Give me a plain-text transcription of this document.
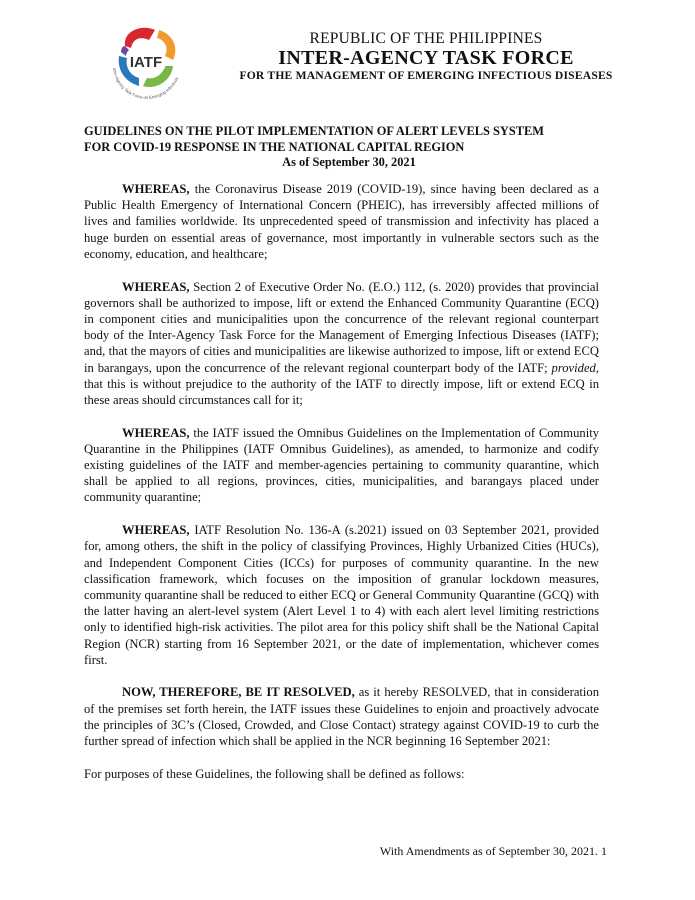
IATF
Inter-Agency Task Force on Emerging Infectious
REPUBLIC OF THE PHILIPPINES
INTER-AGENCY TASK FORCE
FOR THE MANAGEMENT OF EMERGING INFECTIOUS DISEASES
GUIDELINES ON THE PILOT IMPLEMENTATION OF ALERT LEVELS SYSTEM
FOR COVID-19 RESPONSE IN THE NATIONAL CAPITAL REGION

As of September 30, 2021

WHEREAS, the Coronavirus Disease 2019 (COVID-19), since having been declared as a Public Health Emergency of International Concern (PHEIC), has irreversibly affected millions of lives and families worldwide. Its unprecedented speed of transmission and infectivity has placed a huge burden on essential areas of governance, most importantly in vulnerable sectors such as the economy, education, and healthcare;

WHEREAS, Section 2 of Executive Order No. (E.O.) 112, (s. 2020) provides that provincial governors shall be authorized to impose, lift or extend the Enhanced Community Quarantine (ECQ) in component cities and municipalities upon the concurrence of the relevant regional counterpart body of the Inter-Agency Task Force for the Management of Emerging Infectious Diseases (IATF); and, that the mayors of cities and municipalities are likewise authorized to impose, lift or extend ECQ in barangays, upon the concurrence of the relevant regional counterpart body of the IATF; provided, that this is without prejudice to the authority of the IATF to directly impose, lift or extend ECQ in these areas should circumstances call for it;

WHEREAS, the IATF issued the Omnibus Guidelines on the Implementation of Community Quarantine in the Philippines (IATF Omnibus Guidelines), as amended, to harmonize and codify existing guidelines of the IATF and member-agencies pertaining to community quarantine, which shall be applied to all regions, provinces, cities, municipalities, and barangays placed under community quarantine;

WHEREAS, IATF Resolution No. 136-A (s.2021) issued on 03 September 2021, provided for, among others, the shift in the policy of classifying Provinces, Highly Urbanized Cities (HUCs), and Independent Component Cities (ICCs) for purposes of community quarantine. In the new classification framework, which focuses on the imposition of granular lockdown measures, community quarantine shall be reduced to either ECQ or General Community Quarantine (GCQ) with the latter having an alert-level system (Alert Level 1 to 4) with each alert level limiting restrictions only to identified high-risk activities. The pilot area for this policy shift shall be the National Capital Region (NCR) starting from 16 September 2021, or the date of implementation, whichever comes first.

NOW, THEREFORE, BE IT RESOLVED, as it hereby RESOLVED, that in consideration of the premises set forth herein, the IATF issues these Guidelines to enjoin and proactively advocate the principles of 3C’s (Closed, Crowded, and Close Contact) strategy against COVID-19 to curb the further spread of infection which shall be applied in the NCR beginning 16 September 2021:

For purposes of these Guidelines, the following shall be defined as follows:

With Amendments as of September 30, 2021. 1
